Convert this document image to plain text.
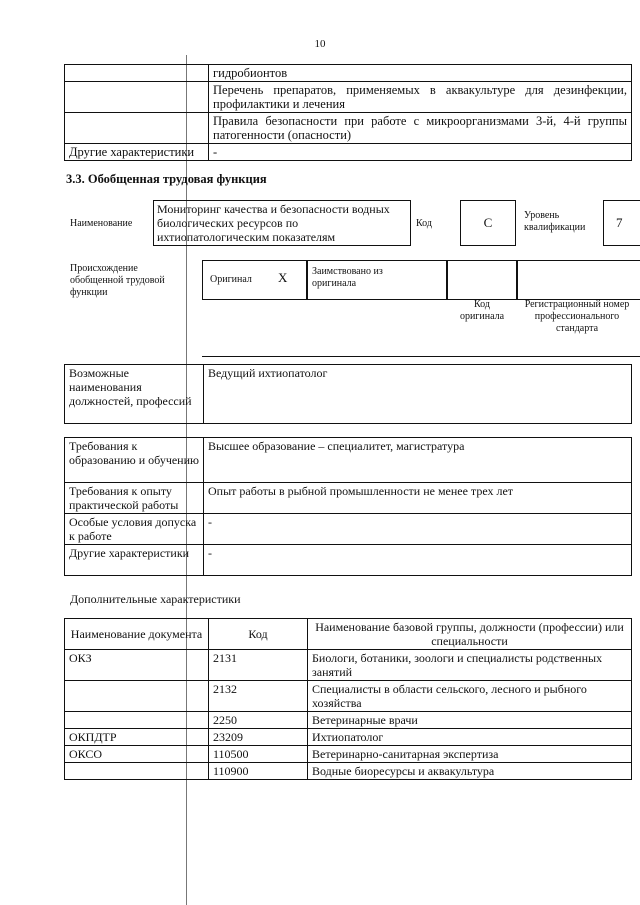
10
	гидробионтов
	Перечень препаратов, применяемых в аквакультуре для дезинфекции, профилактики и лечения
	Правила безопасности при работе с микроорганизмами 3-й, 4-й группы патогенности (опасности)
Другие характеристики	-
3.3. Обобщенная трудовая функция
Наименование
Мониторинг качества и безопасности водных биологических ресурсов по ихтиопатологическим показателям
Код	C	Уровень квалификации	7
Происхождение обобщенной трудовой функции
Оригинал X Заимствовано из оригинала
Код оригинала
Регистрационный номер профессионального стандарта
Возможные наименования должностей, профессий	Ведущий ихтиопатолог
Требования к образованию и обучению	Высшее образование – специалитет, магистратура
Требования к опыту практической работы	Опыт работы в рыбной промышленности не менее трех лет
Особые условия допуска к работе	-
Другие характеристики	-
Дополнительные характеристики
Наименование документа	Код	Наименование базовой группы, должности (профессии) или специальности
ОКЗ	2131	Биологи, ботаники, зоологи и специалисты родственных занятий
	2132	Специалисты в области сельского, лесного и рыбного хозяйства
	2250	Ветеринарные врачи
ОКПДТР	23209	Ихтиопатолог
ОКСО	110500	Ветеринарно-санитарная экспертиза
	110900	Водные биоресурсы и аквакультура
